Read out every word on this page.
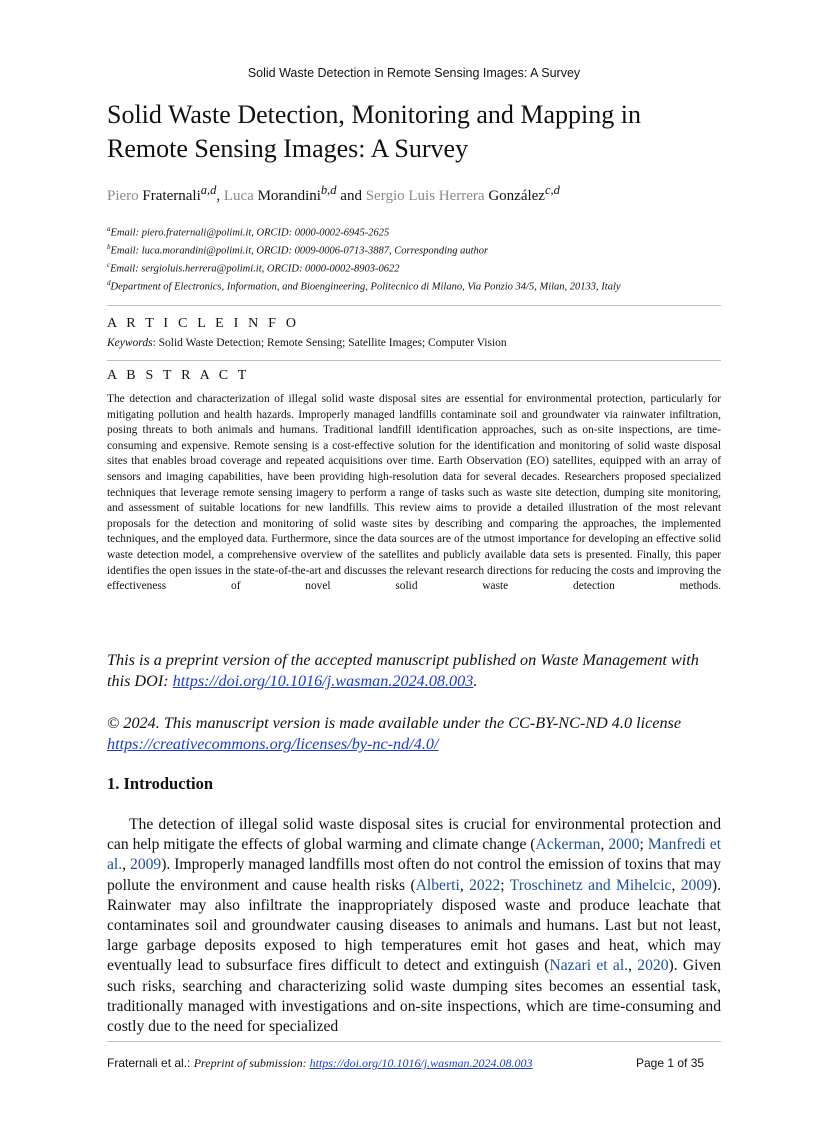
Solid Waste Detection in Remote Sensing Images: A Survey
Solid Waste Detection, Monitoring and Mapping in
Remote Sensing Images: A Survey
Piero Fraternali$^{a,d}$, Luca Morandini$^{b,d}$ and Sergio Luis Herrera González$^{c,d}$
$^a$Email: piero.fraternali@polimi.it, ORCID: 0000-0002-6945-2625
$^b$Email: luca.morandini@polimi.it, ORCID: 0009-0006-0713-3887, Corresponding author
$^c$Email: sergioluis.herrera@polimi.it, ORCID: 0000-0002-8903-0622
$^d$Department of Electronics, Information, and Bioengineering, Politecnico di Milano, Via Ponzio 34/5, Milan, 20133, Italy
A R T I C L E I N F O
Keywords: Solid Waste Detection; Remote Sensing; Satellite Images; Computer Vision
A B S T R A C T
The detection and characterization of illegal solid waste disposal sites are essential for environmental protection, particularly for mitigating pollution and health hazards. Improperly managed landfills contaminate soil and groundwater via rainwater infiltration, posing threats to both animals and humans. Traditional landfill identification approaches, such as on-site inspections, are time-consuming and expensive. Remote sensing is a cost-effective solution for the identification and monitoring of solid waste disposal sites that enables broad coverage and repeated acquisitions over time. Earth Observation (EO) satellites, equipped with an array of sensors and imaging capabilities, have been providing high-resolution data for several decades. Researchers proposed specialized techniques that leverage remote sensing imagery to perform a range of tasks such as waste site detection, dumping site monitoring, and assessment of suitable locations for new landfills. This review aims to provide a detailed illustration of the most relevant proposals for the detection and monitoring of solid waste sites by describing and comparing the approaches, the implemented techniques, and the employed data. Furthermore, since the data sources are of the utmost importance for developing an effective solid waste detection model, a comprehensive overview of the satellites and publicly available data sets is presented. Finally, this paper identifies the open issues in the state-of-the-art and discusses the relevant research directions for reducing the costs and improving the effectiveness of novel solid waste detection methods.

This is a preprint version of the accepted manuscript published on Waste Management with this DOI: https://doi.org/10.1016/j.wasman.2024.08.003.

© 2024. This manuscript version is made available under the CC-BY-NC-ND 4.0 license https://creativecommons.org/licenses/by-nc-nd/4.0/

1. Introduction

The detection of illegal solid waste disposal sites is crucial for environmental protection and can help mitigate the effects of global warming and climate change (Ackerman, 2000; Manfredi et al., 2009). Improperly managed landfills most often do not control the emission of toxins that may pollute the environment and cause health risks (Alberti, 2022; Troschinetz and Mihelcic, 2009). Rainwater may also infiltrate the inappropriately disposed waste and produce leachate that contaminates soil and groundwater causing diseases to animals and humans. Last but not least, large garbage deposits exposed to high temperatures emit hot gases and heat, which may eventually lead to subsurface fires difficult to detect and extinguish (Nazari et al., 2020). Given such risks, searching and characterizing solid waste dumping sites becomes an essential task, traditionally managed with investigations and on-site inspections, which are time-consuming and costly due to the need for specialized

Fraternali et al.: Preprint of submission: https://doi.org/10.1016/j.wasman.2024.08.003	Page 1 of 35
